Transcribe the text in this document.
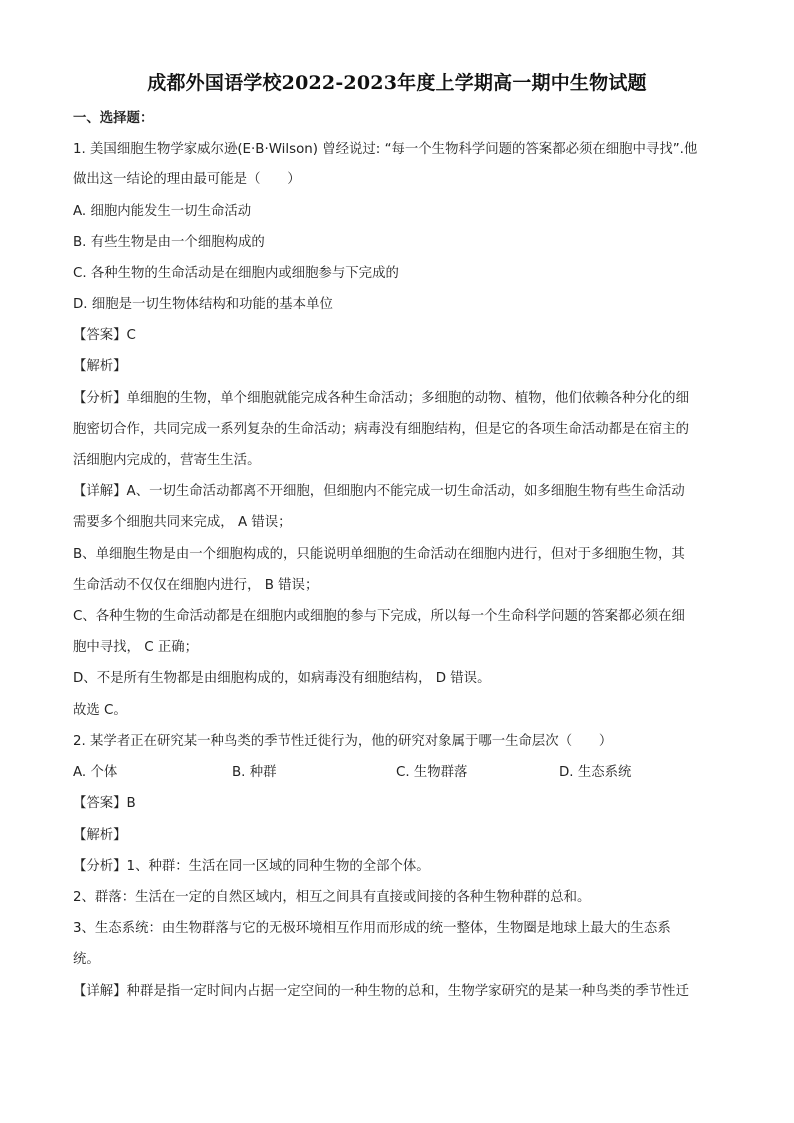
成都外国语学校2022-2023年度上学期高一期中生物试题
一、选择题：
1. 美国细胞生物学家威尔逊(E·B·Wilson) 曾经说过: “每一个生物科学问题的答案都必须在细胞中寻找”.他
做出这一结论的理由最可能是（　　）
A. 细胞内能发生一切生命活动
B. 有些生物是由一个细胞构成的
C. 各种生物的生命活动是在细胞内或细胞参与下完成的
D. 细胞是一切生物体结构和功能的基本单位
【答案】C
【解析】
【分析】单细胞的生物，单个细胞就能完成各种生命活动；多细胞的动物、植物，他们依赖各种分化的细
胞密切合作，共同完成一系列复杂的生命活动；病毒没有细胞结构，但是它的各项生命活动都是在宿主的
活细胞内完成的，营寄生生活。
【详解】A、一切生命活动都离不开细胞，但细胞内不能完成一切生命活动，如多细胞生物有些生命活动
需要多个细胞共同来完成， A 错误；
B、单细胞生物是由一个细胞构成的，只能说明单细胞的生命活动在细胞内进行，但对于多细胞生物，其
生命活动不仅仅在细胞内进行， B 错误；
C、各种生物的生命活动都是在细胞内或细胞的参与下完成，所以每一个生命科学问题的答案都必须在细
胞中寻找， C 正确；
D、不是所有生物都是由细胞构成的，如病毒没有细胞结构， D 错误。
故选 C。
2. 某学者正在研究某一种鸟类的季节性迁徙行为，他的研究对象属于哪一生命层次（　　）
A. 个体	B. 种群	C. 生物群落	D. 生态系统
【答案】B
【解析】
【分析】1、种群：生活在同一区域的同种生物的全部个体。
2、群落：生活在一定的自然区域内，相互之间具有直接或间接的各种生物种群的总和。
3、生态系统：由生物群落与它的无极环境相互作用而形成的统一整体，生物圈是地球上最大的生态系
统。
【详解】种群是指一定时间内占据一定空间的一种生物的总和，生物学家研究的是某一种鸟类的季节性迁
